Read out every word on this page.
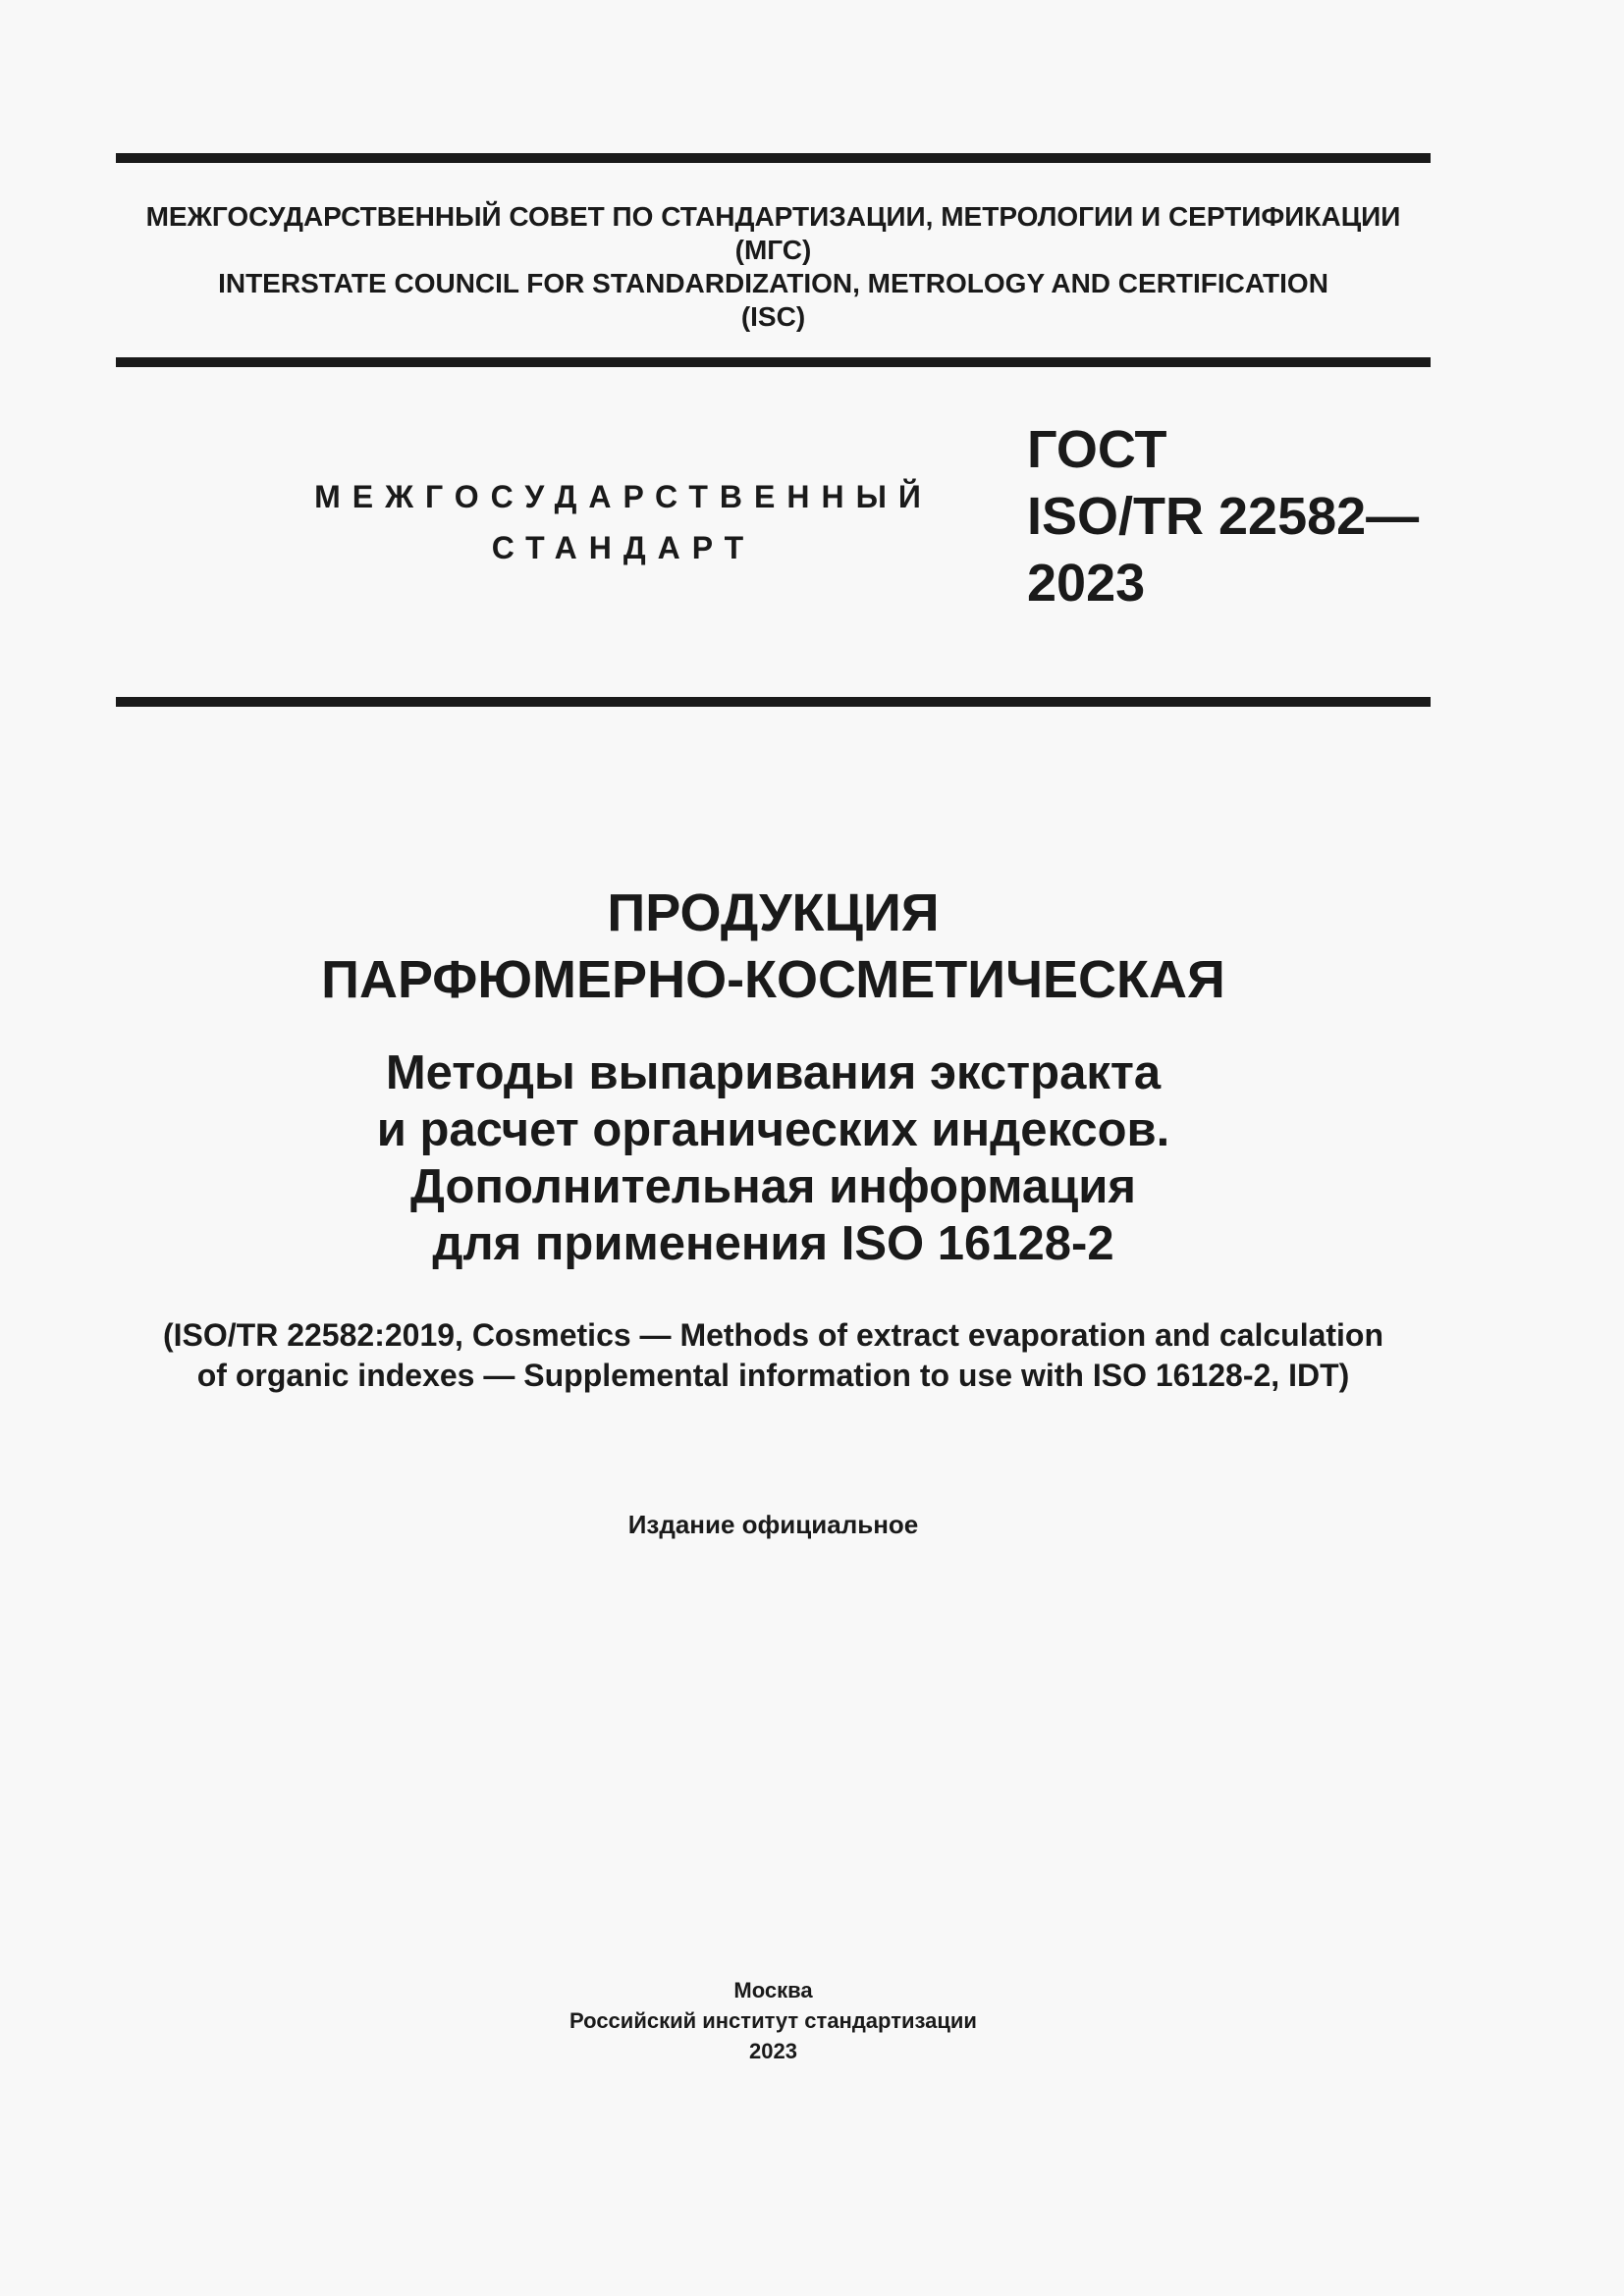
МЕЖГОСУДАРСТВЕННЫЙ СОВЕТ ПО СТАНДАРТИЗАЦИИ, МЕТРОЛОГИИ И СЕРТИФИКАЦИИ
(МГС)
INTERSTATE COUNCIL FOR STANDARDIZATION, METROLOGY AND CERTIFICATION
(ISC)
МЕЖГОСУДАРСТВЕННЫЙ
СТАНДАРТ
ГОСТ
ISO/TR 22582—
2023
ПРОДУКЦИЯ
ПАРФЮМЕРНО-КОСМЕТИЧЕСКАЯ
Методы выпаривания экстракта
и расчет органических индексов.
Дополнительная информация
для применения ISO 16128-2
(ISO/TR 22582:2019, Cosmetics — Methods of extract evaporation and calculation
of organic indexes — Supplemental information to use with ISO 16128-2, IDT)
Издание официальное
Москва
Российский институт стандартизации
2023
